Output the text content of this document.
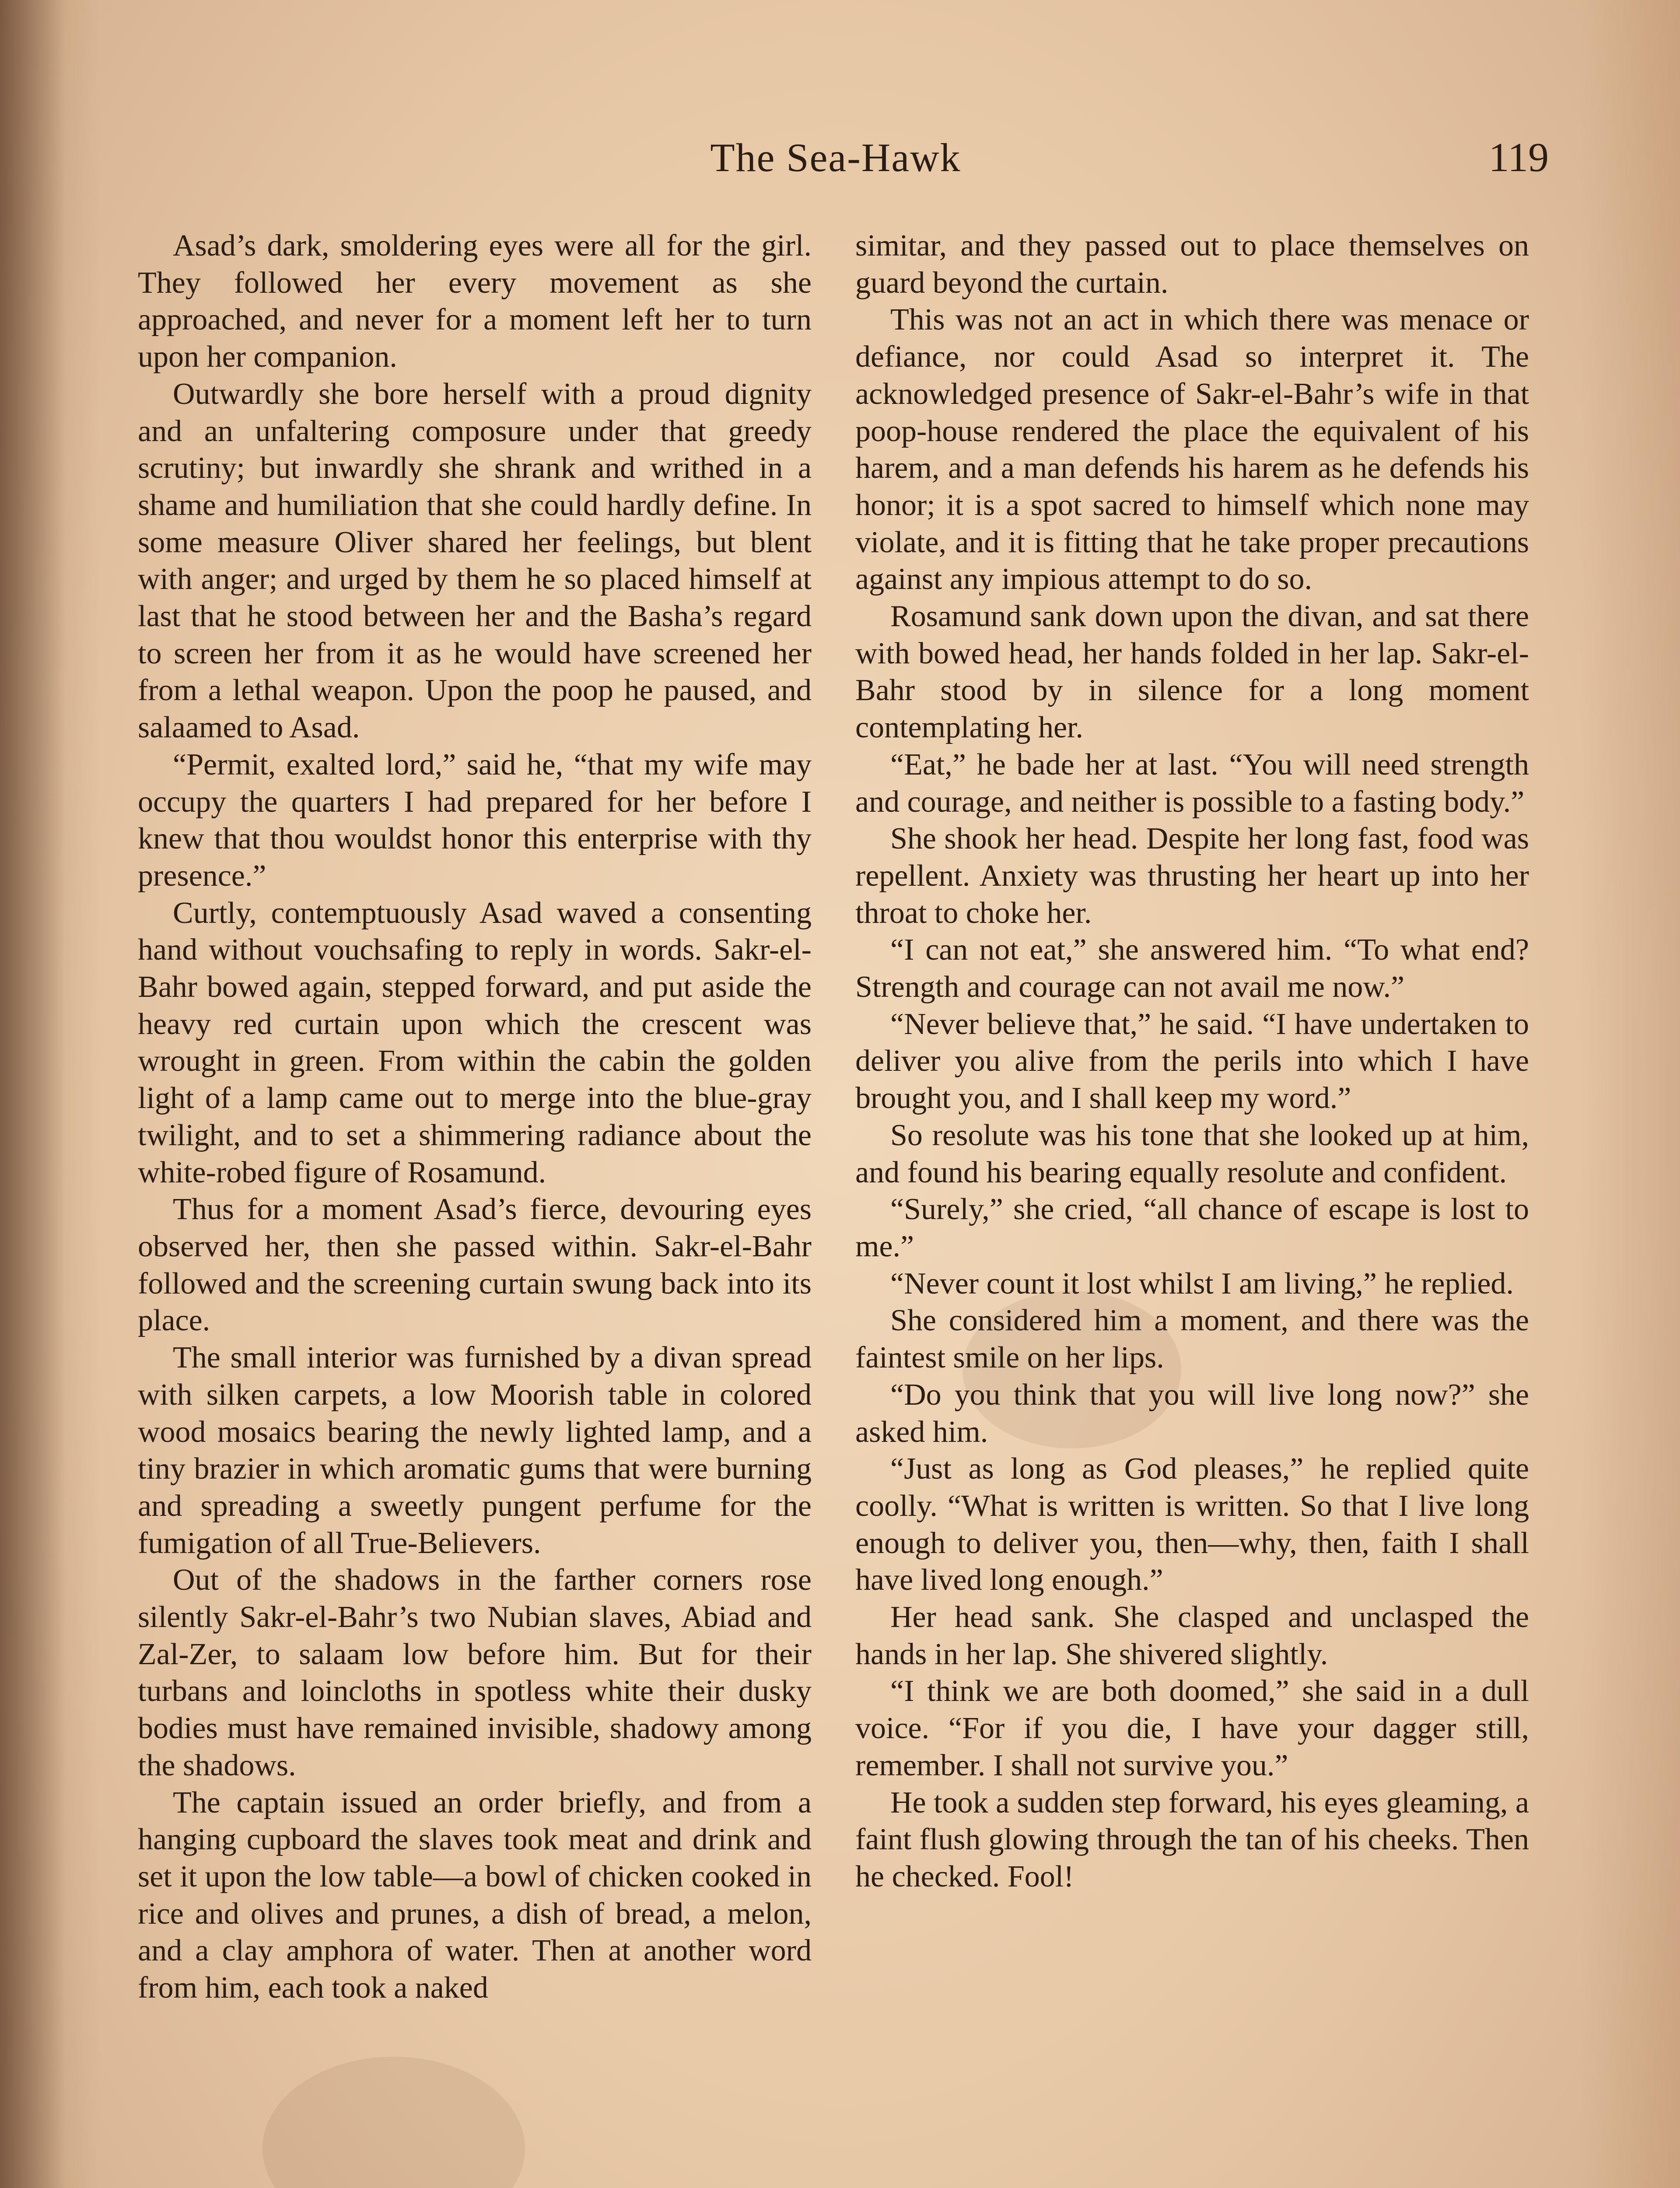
The Sea-Hawk	119

Asad’s dark, smoldering eyes were all for the girl. They followed her every movement as she approached, and never for a moment left her to turn upon her companion.

Outwardly she bore herself with a proud dignity and an unfaltering composure under that greedy scrutiny; but inwardly she shrank and writhed in a shame and humiliation that she could hardly define. In some measure Oliver shared her feelings, but blent with anger; and urged by them he so placed himself at last that he stood between her and the Basha’s regard to screen her from it as he would have screened her from a lethal weapon. Upon the poop he paused, and salaamed to Asad.

“Permit, exalted lord,” said he, “that my wife may occupy the quarters I had prepared for her before I knew that thou wouldst honor this enterprise with thy presence.”

Curtly, contemptuously Asad waved a consenting hand without vouchsafing to reply in words. Sakr-el-Bahr bowed again, stepped forward, and put aside the heavy red curtain upon which the crescent was wrought in green. From within the cabin the golden light of a lamp came out to merge into the blue-gray twilight, and to set a shimmering radiance about the white-robed figure of Rosamund.

Thus for a moment Asad’s fierce, devouring eyes observed her, then she passed within. Sakr-el-Bahr followed and the screening curtain swung back into its place.

The small interior was furnished by a divan spread with silken carpets, a low Moorish table in colored wood mosaics bearing the newly lighted lamp, and a tiny brazier in which aromatic gums that were burning and spreading a sweetly pungent perfume for the fumigation of all True-Believers.

Out of the shadows in the farther corners rose silently Sakr-el-Bahr’s two Nubian slaves, Abiad and Zal-Zer, to salaam low before him. But for their turbans and loincloths in spotless white their dusky bodies must have remained invisible, shadowy among the shadows.

The captain issued an order briefly, and from a hanging cupboard the slaves took meat and drink and set it upon the low table—a bowl of chicken cooked in rice and olives and prunes, a dish of bread, a melon, and a clay amphora of water. Then at another word from him, each took a naked

simitar, and they passed out to place themselves on guard beyond the curtain.

This was not an act in which there was menace or defiance, nor could Asad so interpret it. The acknowledged presence of Sakr-el-Bahr’s wife in that poop-house rendered the place the equivalent of his harem, and a man defends his harem as he defends his honor; it is a spot sacred to himself which none may violate, and it is fitting that he take proper precautions against any impious attempt to do so.

Rosamund sank down upon the divan, and sat there with bowed head, her hands folded in her lap. Sakr-el-Bahr stood by in silence for a long moment contemplating her.

“Eat,” he bade her at last. “You will need strength and courage, and neither is possible to a fasting body.”

She shook her head. Despite her long fast, food was repellent. Anxiety was thrusting her heart up into her throat to choke her.

“I can not eat,” she answered him. “To what end? Strength and courage can not avail me now.”

“Never believe that,” he said. “I have undertaken to deliver you alive from the perils into which I have brought you, and I shall keep my word.”

So resolute was his tone that she looked up at him, and found his bearing equally resolute and confident.

“Surely,” she cried, “all chance of escape is lost to me.”

“Never count it lost whilst I am living,” he replied.

She considered him a moment, and there was the faintest smile on her lips.

“Do you think that you will live long now?” she asked him.

“Just as long as God pleases,” he replied quite coolly. “What is written is written. So that I live long enough to deliver you, then—why, then, faith I shall have lived long enough.”

Her head sank. She clasped and unclasped the hands in her lap. She shivered slightly.

“I think we are both doomed,” she said in a dull voice. “For if you die, I have your dagger still, remember. I shall not survive you.”

He took a sudden step forward, his eyes gleaming, a faint flush glowing through the tan of his cheeks. Then he checked. Fool!
